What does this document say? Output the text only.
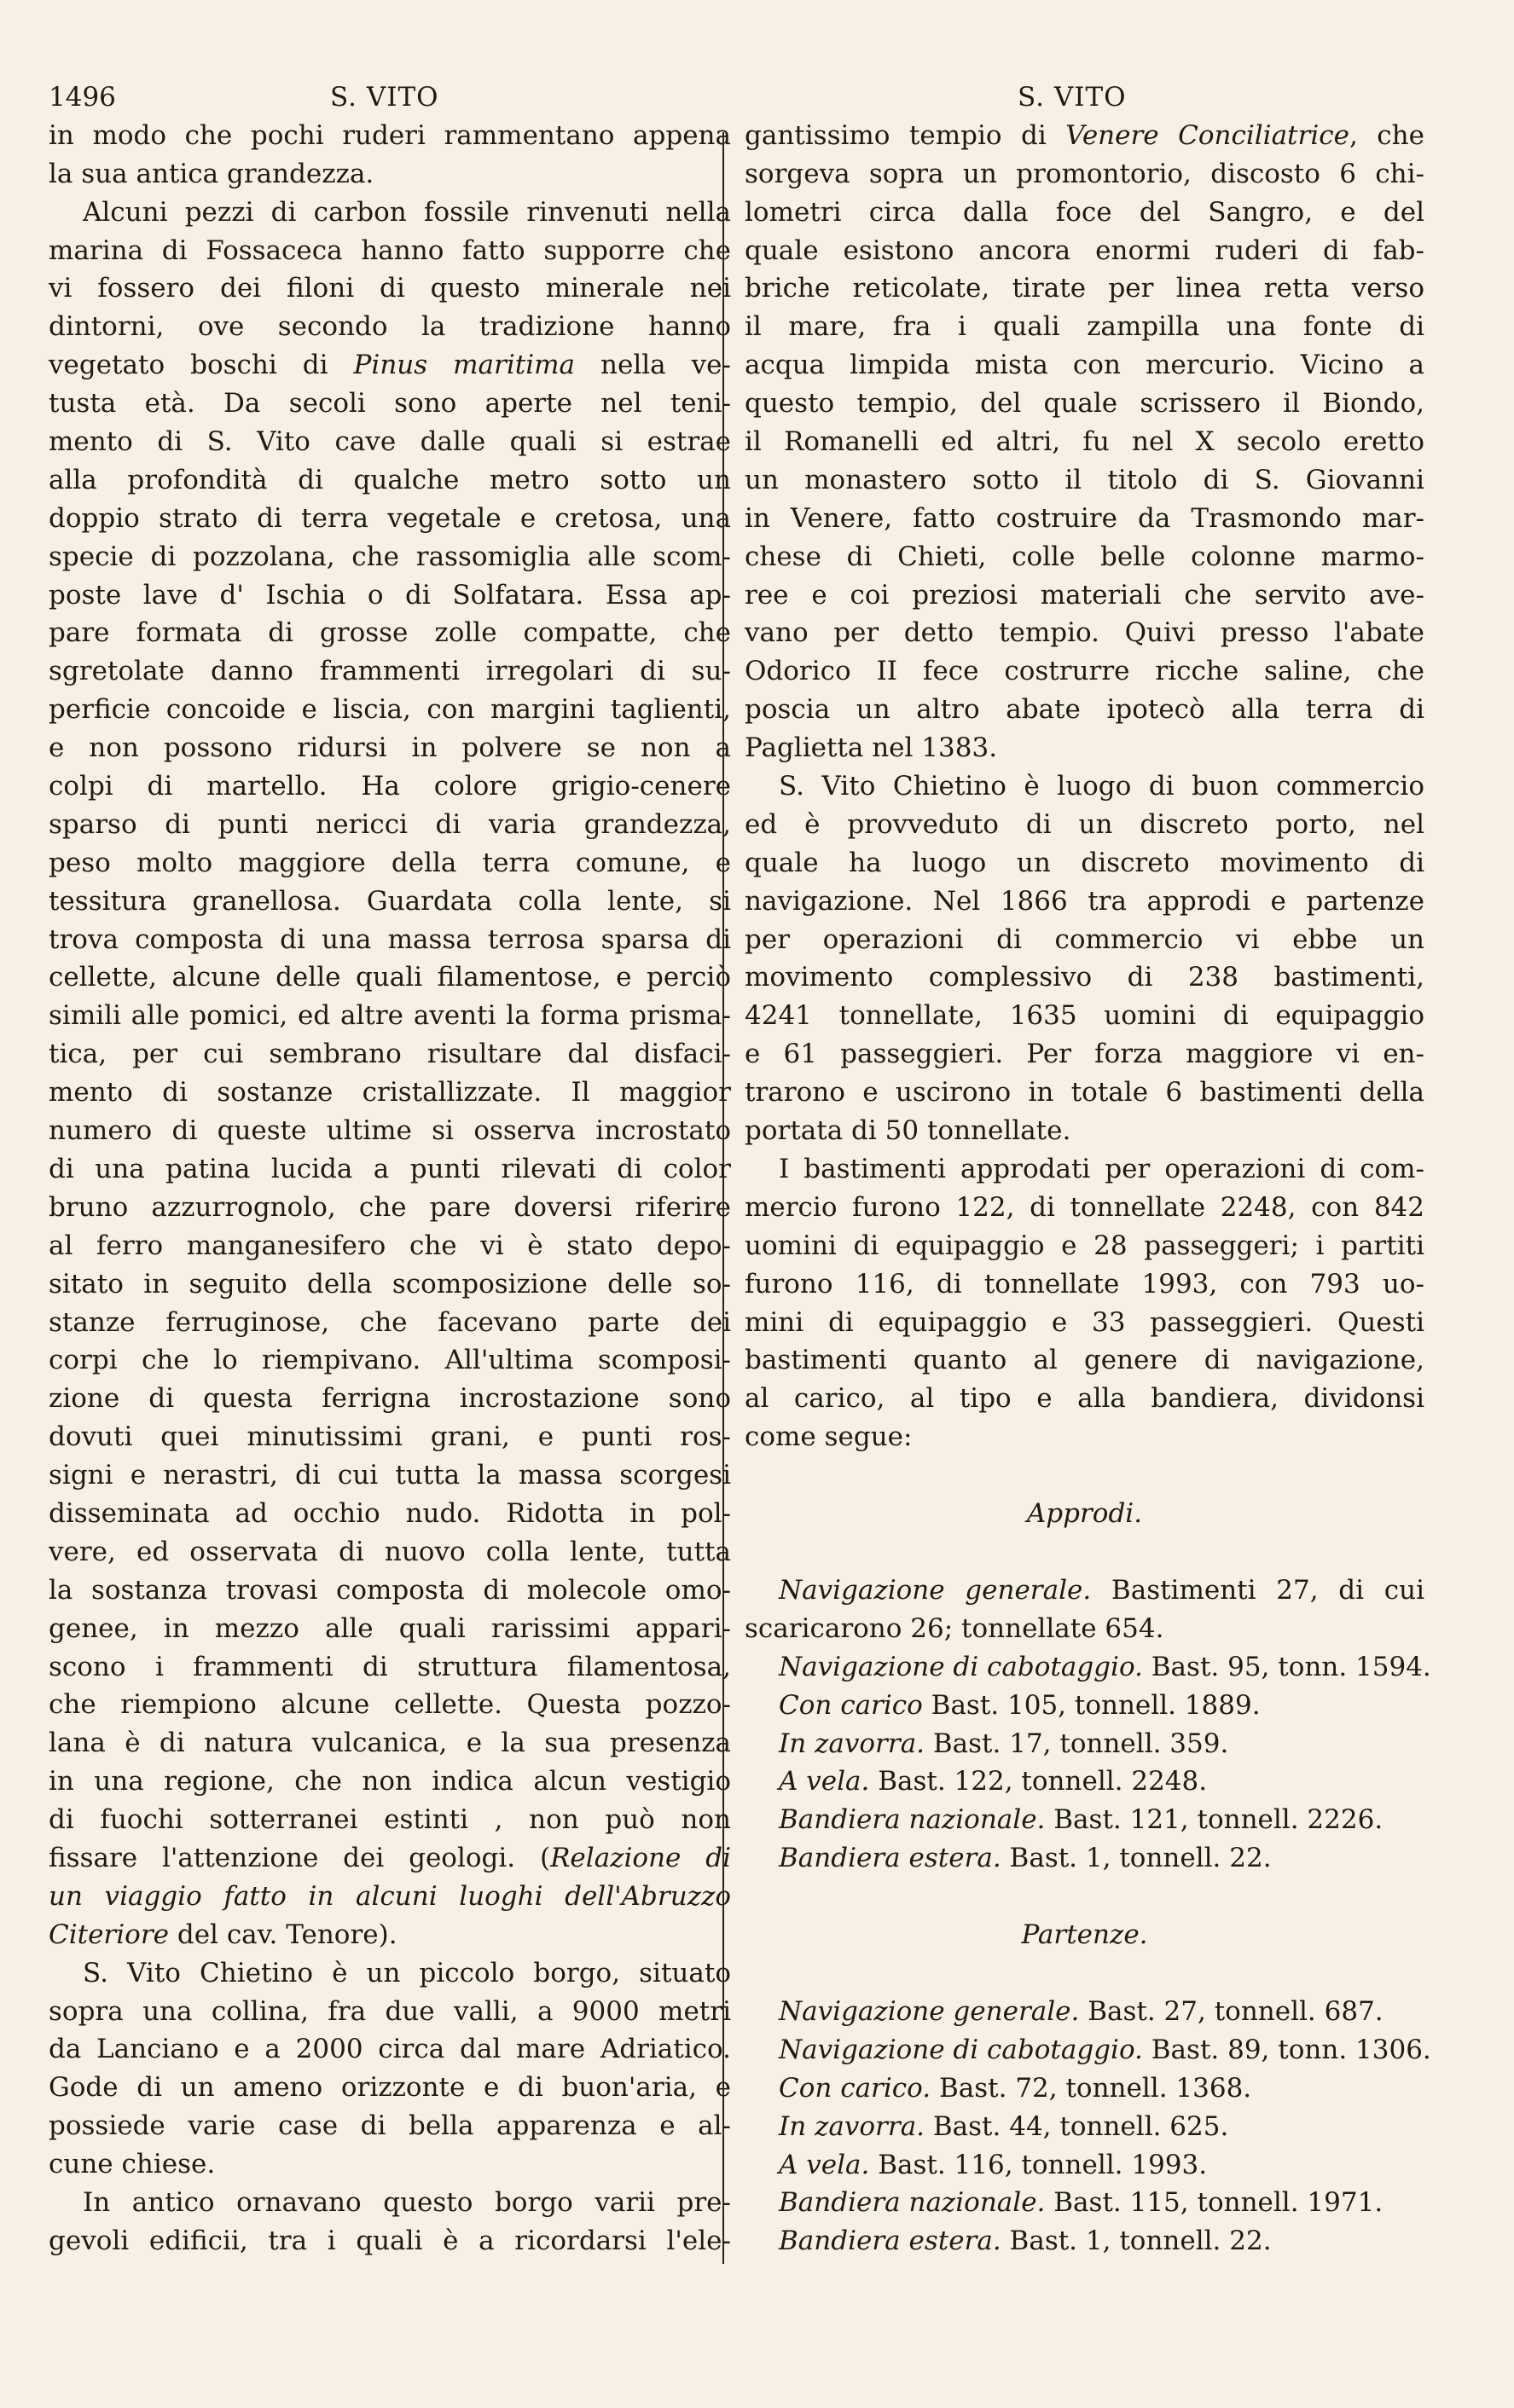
1496	S. VITO
in modo che pochi ruderi rammentano appena
la sua antica grandezza.
Alcuni pezzi di carbon fossile rinvenuti nella
marina di Fossaceca hanno fatto supporre che
vi fossero dei filoni di questo minerale nei
dintorni, ove secondo la tradizione hanno
vegetato boschi di Pinus maritima nella ve-
tusta età. Da secoli sono aperte nel teni-
mento di S. Vito cave dalle quali si estrae
alla profondità di qualche metro sotto un
doppio strato di terra vegetale e cretosa, una
specie di pozzolana, che rassomiglia alle scom-
poste lave d' Ischia o di Solfatara. Essa ap-
pare formata di grosse zolle compatte, che
sgretolate danno frammenti irregolari di su-
perficie concoide e liscia, con margini taglienti,
e non possono ridursi in polvere se non a
colpi di martello. Ha colore grigio-cenere
sparso di punti nericci di varia grandezza,
peso molto maggiore della terra comune, e
tessitura granellosa. Guardata colla lente, si
trova composta di una massa terrosa sparsa di
cellette, alcune delle quali filamentose, e perciò
simili alle pomici, ed altre aventi la forma prisma-
tica, per cui sembrano risultare dal disfaci-
mento di sostanze cristallizzate. Il maggior
numero di queste ultime si osserva incrostato
di una patina lucida a punti rilevati di color
bruno azzurrognolo, che pare doversi riferire
al ferro manganesifero che vi è stato depo-
sitato in seguito della scomposizione delle so-
stanze ferruginose, che facevano parte dei
corpi che lo riempivano. All'ultima scomposi-
zione di questa ferrigna incrostazione sono
dovuti quei minutissimi grani, e punti ros-
signi e nerastri, di cui tutta la massa scorgesi
disseminata ad occhio nudo. Ridotta in pol-
vere, ed osservata di nuovo colla lente, tutta
la sostanza trovasi composta di molecole omo-
genee, in mezzo alle quali rarissimi appari-
scono i frammenti di struttura filamentosa,
che riempiono alcune cellette. Questa pozzo-
lana è di natura vulcanica, e la sua presenza
in una regione, che non indica alcun vestigio
di fuochi sotterranei estinti , non può non
fissare l'attenzione dei geologi. (Relazione di
un viaggio fatto in alcuni luoghi dell'Abruzzo
Citeriore del cav. Tenore).
S. Vito Chietino è un piccolo borgo, situato
sopra una collina, fra due valli, a 9000 metri
da Lanciano e a 2000 circa dal mare Adriatico.
Gode di un ameno orizzonte e di buon'aria, e
possiede varie case di bella apparenza e al-
cune chiese.
In antico ornavano questo borgo varii pre-
gevoli edificii, tra i quali è a ricordarsi l'ele-
S. VITO
gantissimo tempio di Venere Conciliatrice, che
sorgeva sopra un promontorio, discosto 6 chi-
lometri circa dalla foce del Sangro, e del
quale esistono ancora enormi ruderi di fab-
briche reticolate, tirate per linea retta verso
il mare, fra i quali zampilla una fonte di
acqua limpida mista con mercurio. Vicino a
questo tempio, del quale scrissero il Biondo,
il Romanelli ed altri, fu nel X secolo eretto
un monastero sotto il titolo di S. Giovanni
in Venere, fatto costruire da Trasmondo mar-
chese di Chieti, colle belle colonne marmo-
ree e coi preziosi materiali che servito ave-
vano per detto tempio. Quivi presso l'abate
Odorico II fece costrurre ricche saline, che
poscia un altro abate ipotecò alla terra di
Paglietta nel 1383.
S. Vito Chietino è luogo di buon commercio
ed è provveduto di un discreto porto, nel
quale ha luogo un discreto movimento di
navigazione. Nel 1866 tra approdi e partenze
per operazioni di commercio vi ebbe un
movimento complessivo di 238 bastimenti,
4241 tonnellate, 1635 uomini di equipaggio
e 61 passeggieri. Per forza maggiore vi en-
trarono e uscirono in totale 6 bastimenti della
portata di 50 tonnellate.
I bastimenti approdati per operazioni di com-
mercio furono 122, di tonnellate 2248, con 842
uomini di equipaggio e 28 passeggeri; i partiti
furono 116, di tonnellate 1993, con 793 uo-
mini di equipaggio e 33 passeggieri. Questi
bastimenti quanto al genere di navigazione,
al carico, al tipo e alla bandiera, dividonsi
come segue:
Approdi.
Navigazione generale. Bastimenti 27, di cui
scaricarono 26; tonnellate 654.
Navigazione di cabotaggio. Bast. 95, tonn. 1594.
Con carico Bast. 105, tonnell. 1889.
In zavorra. Bast. 17, tonnell. 359.
A vela. Bast. 122, tonnell. 2248.
Bandiera nazionale. Bast. 121, tonnell. 2226.
Bandiera estera. Bast. 1, tonnell. 22.
Partenze.
Navigazione generale. Bast. 27, tonnell. 687.
Navigazione di cabotaggio. Bast. 89, tonn. 1306.
Con carico. Bast. 72, tonnell. 1368.
In zavorra. Bast. 44, tonnell. 625.
A vela. Bast. 116, tonnell. 1993.
Bandiera nazionale. Bast. 115, tonnell. 1971.
Bandiera estera. Bast. 1, tonnell. 22.
